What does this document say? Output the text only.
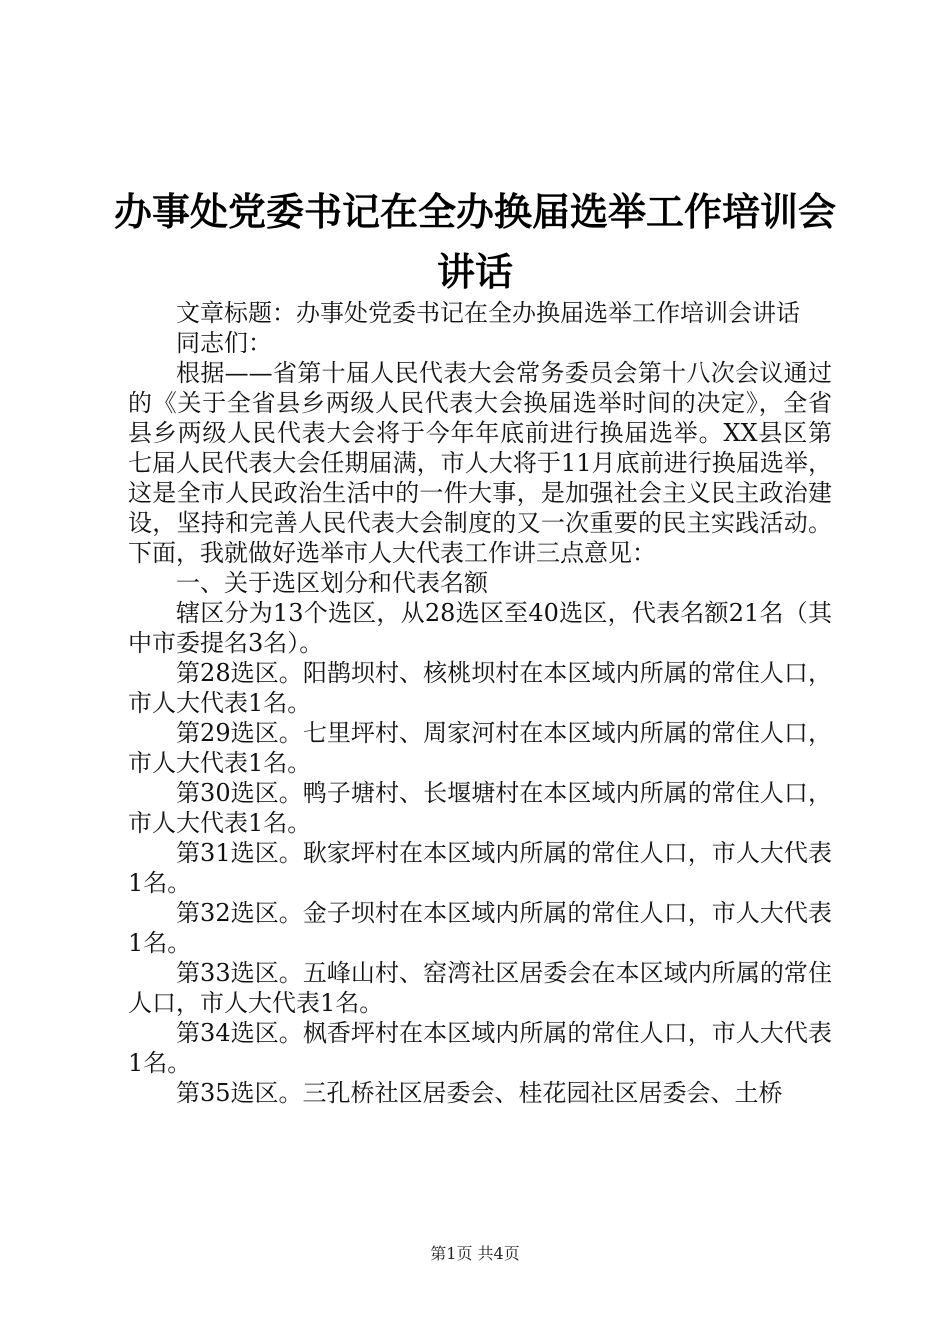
办事处党委书记在全办换届选举工作培训会讲话

文章标题：办事处党委书记在全办换届选举工作培训会讲话

同志们：

根据——省第十届人民代表大会常务委员会第十八次会议通过的《关于全省县乡两级人民代表大会换届选举时间的决定》，全省县乡两级人民代表大会将于今年年底前进行换届选举。XX县区第七届人民代表大会任期届满，市人大将于11月底前进行换届选举，这是全市人民政治生活中的一件大事，是加强社会主义民主政治建设，坚持和完善人民代表大会制度的又一次重要的民主实践活动。下面，我就做好选举市人大代表工作讲三点意见：

一、关于选区划分和代表名额

辖区分为13个选区，从28选区至40选区，代表名额21名（其中市委提名3名）。

第28选区。阳鹊坝村、核桃坝村在本区域内所属的常住人口，市人大代表1名。

第29选区。七里坪村、周家河村在本区域内所属的常住人口，市人大代表1名。

第30选区。鸭子塘村、长堰塘村在本区域内所属的常住人口，市人大代表1名。

第31选区。耿家坪村在本区域内所属的常住人口，市人大代表1名。

第32选区。金子坝村在本区域内所属的常住人口，市人大代表1名。

第33选区。五峰山村、窑湾社区居委会在本区域内所属的常住人口，市人大代表1名。

第34选区。枫香坪村在本区域内所属的常住人口，市人大代表1名。

第35选区。三孔桥社区居委会、桂花园社区居委会、土桥

第1页 共4页
